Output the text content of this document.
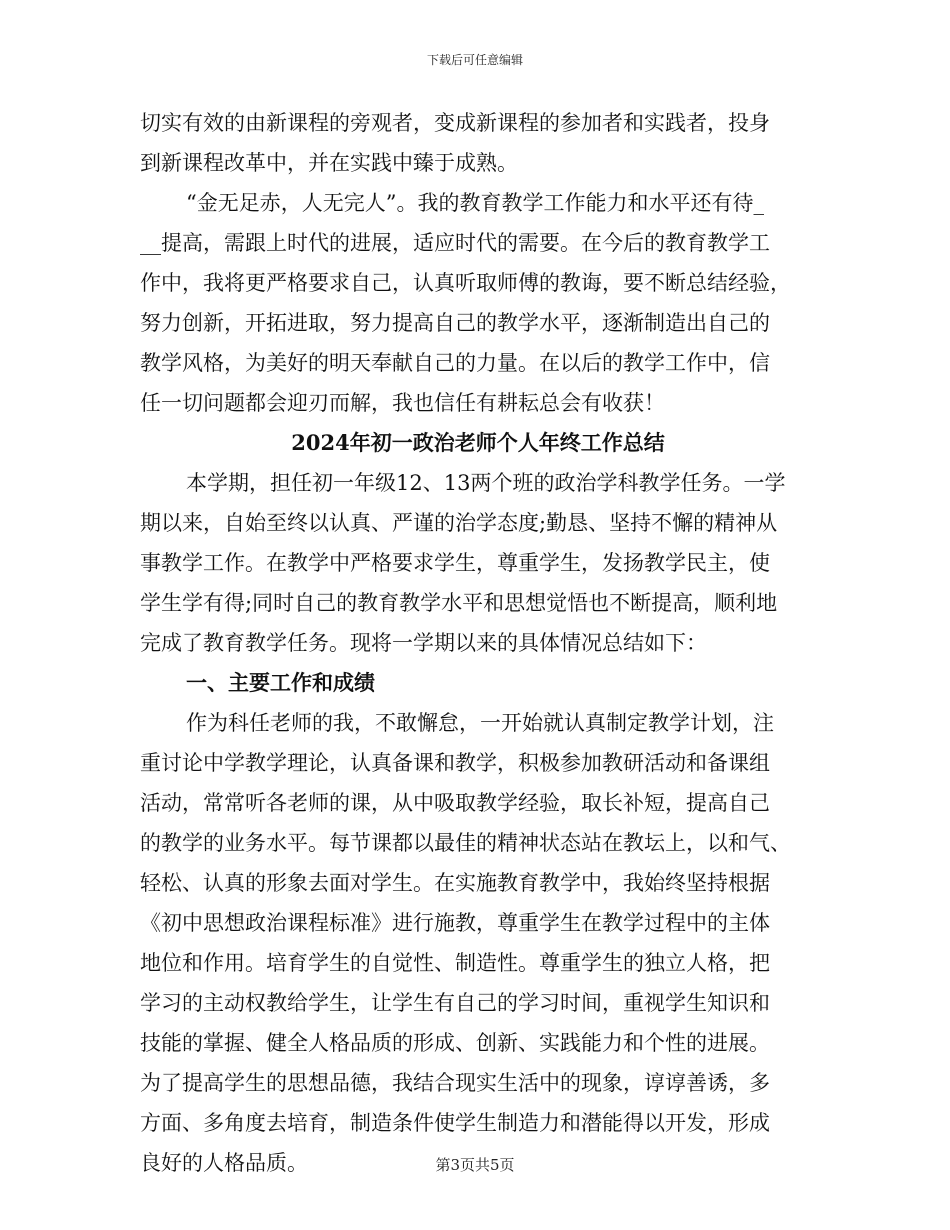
下载后可任意编辑
切实有效的由新课程的旁观者，变成新课程的参加者和实践者，投身
到新课程改革中，并在实践中臻于成熟。
“金无足赤，人无完人”。我的教育教学工作能力和水平还有待_
__提高，需跟上时代的进展，适应时代的需要。在今后的教育教学工
作中，我将更严格要求自己，认真听取师傅的教诲，要不断总结经验，
努力创新，开拓进取，努力提高自己的教学水平，逐渐制造出自己的
教学风格，为美好的明天奉献自己的力量。在以后的教学工作中，信
任一切问题都会迎刃而解，我也信任有耕耘总会有收获！
2024年初一政治老师个人年终工作总结
本学期，担任初一年级12、13两个班的政治学科教学任务。一学
期以来，自始至终以认真、严谨的治学态度;勤恳、坚持不懈的精神从
事教学工作。在教学中严格要求学生，尊重学生，发扬教学民主，使
学生学有得;同时自己的教育教学水平和思想觉悟也不断提高，顺利地
完成了教育教学任务。现将一学期以来的具体情况总结如下：
一、主要工作和成绩
作为科任老师的我，不敢懈怠，一开始就认真制定教学计划，注
重讨论中学教学理论，认真备课和教学，积极参加教研活动和备课组
活动，常常听各老师的课，从中吸取教学经验，取长补短，提高自己
的教学的业务水平。每节课都以最佳的精神状态站在教坛上，以和气、
轻松、认真的形象去面对学生。在实施教育教学中，我始终坚持根据
《初中思想政治课程标准》进行施教，尊重学生在教学过程中的主体
地位和作用。培育学生的自觉性、制造性。尊重学生的独立人格，把
学习的主动权教给学生，让学生有自己的学习时间，重视学生知识和
技能的掌握、健全人格品质的形成、创新、实践能力和个性的进展。
为了提高学生的思想品德，我结合现实生活中的现象，谆谆善诱，多
方面、多角度去培育，制造条件使学生制造力和潜能得以开发，形成
良好的人格品质。	第3页共5页
